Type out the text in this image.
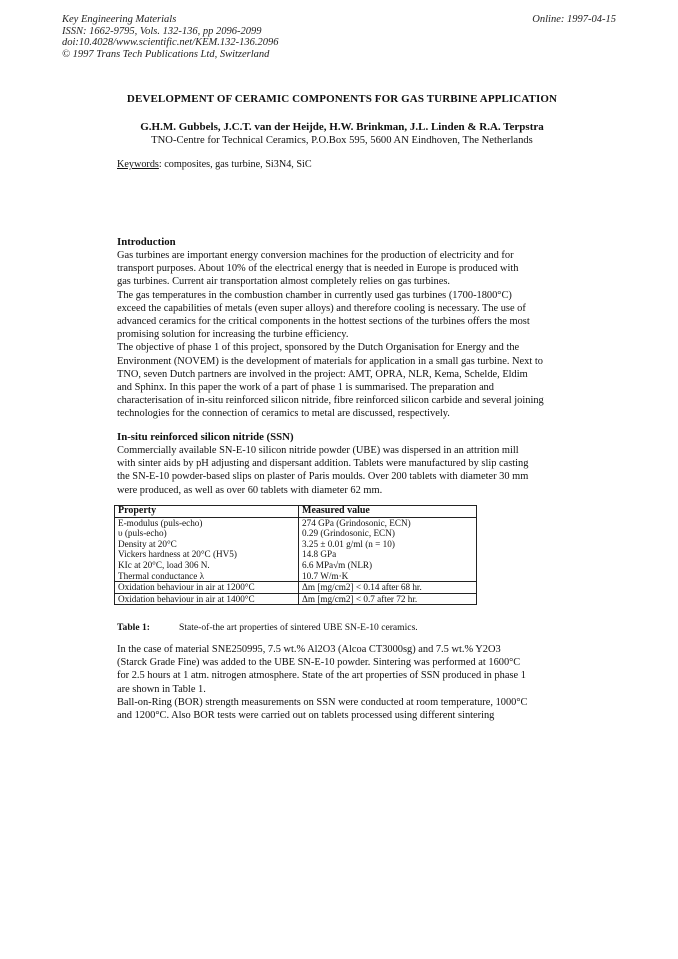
Key Engineering Materials
ISSN: 1662-9795, Vols. 132-136, pp 2096-2099
doi:10.4028/www.scientific.net/KEM.132-136.2096
© 1997 Trans Tech Publications Ltd, Switzerland
Online: 1997-04-15
DEVELOPMENT OF CERAMIC COMPONENTS FOR GAS TURBINE APPLICATION
G.H.M. Gubbels, J.C.T. van der Heijde, H.W. Brinkman, J.L. Linden & R.A. Terpstra
TNO-Centre for Technical Ceramics, P.O.Box 595, 5600 AN Eindhoven, The Netherlands
Keywords: composites, gas turbine, Si3N4, SiC
Introduction

Gas turbines are important energy conversion machines for the production of electricity and for

transport purposes. About 10% of the electrical energy that is needed in Europe is produced with

gas turbines. Current air transportation almost completely relies on gas turbines.

The gas temperatures in the combustion chamber in currently used gas turbines (1700-1800°C)

exceed the capabilities of metals (even super alloys) and therefore cooling is necessary. The use of

advanced ceramics for the critical components in the hottest sections of the turbines offers the most

promising solution for increasing the turbine efficiency.

The objective of phase 1 of this project, sponsored by the Dutch Organisation for Energy and the

Environment (NOVEM) is the development of materials for application in a small gas turbine. Next to

TNO, seven Dutch partners are involved in the project: AMT, OPRA, NLR, Kema, Schelde, Eldim

and Sphinx. In this paper the work of a part of phase 1 is summarised. The preparation and

characterisation of in-situ reinforced silicon nitride, fibre reinforced silicon carbide and several joining

technologies for the connection of ceramics to metal are discussed, respectively.

In-situ reinforced silicon nitride (SSN)

Commercially available SN-E-10 silicon nitride powder (UBE) was dispersed in an attrition mill

with sinter aids by pH adjusting and dispersant addition. Tablets were manufactured by slip casting

the SN-E-10 powder-based slips on plaster of Paris moulds. Over 200 tablets with diameter 30 mm

were produced, as well as over 60 tablets with diameter 62 mm.

Property	Measured value
E-modulus (puls-echo)	274 GPa (Grindosonic, ECN)
υ (puls-echo)	0.29 (Grindosonic, ECN)
Density at 20°C	3.25 ± 0.01 g/ml (n = 10)
Vickers hardness at 20°C (HV5)	14.8 GPa
KIc at 20°C, load 306 N.	6.6 MPa√m (NLR)
Thermal conductance λ	10.7 W/m·K
Oxidation behaviour in air at 1200°C	Δm [mg/cm2] < 0.14 after 68 hr.
Oxidation behaviour in air at 1400°C	Δm [mg/cm2] < 0.7 after 72 hr.
Table 1:	State-of-the art properties of sintered UBE SN-E-10 ceramics.

In the case of material SNE250995, 7.5 wt.% Al2O3 (Alcoa CT3000sg) and 7.5 wt.% Y2O3

(Starck Grade Fine) was added to the UBE SN-E-10 powder. Sintering was performed at 1600°C

for 2.5 hours at 1 atm. nitrogen atmosphere. State of the art properties of SSN produced in phase 1

are shown in Table 1.

Ball-on-Ring (BOR) strength measurements on SSN were conducted at room temperature, 1000°C

and 1200°C. Also BOR tests were carried out on tablets processed using different sintering
